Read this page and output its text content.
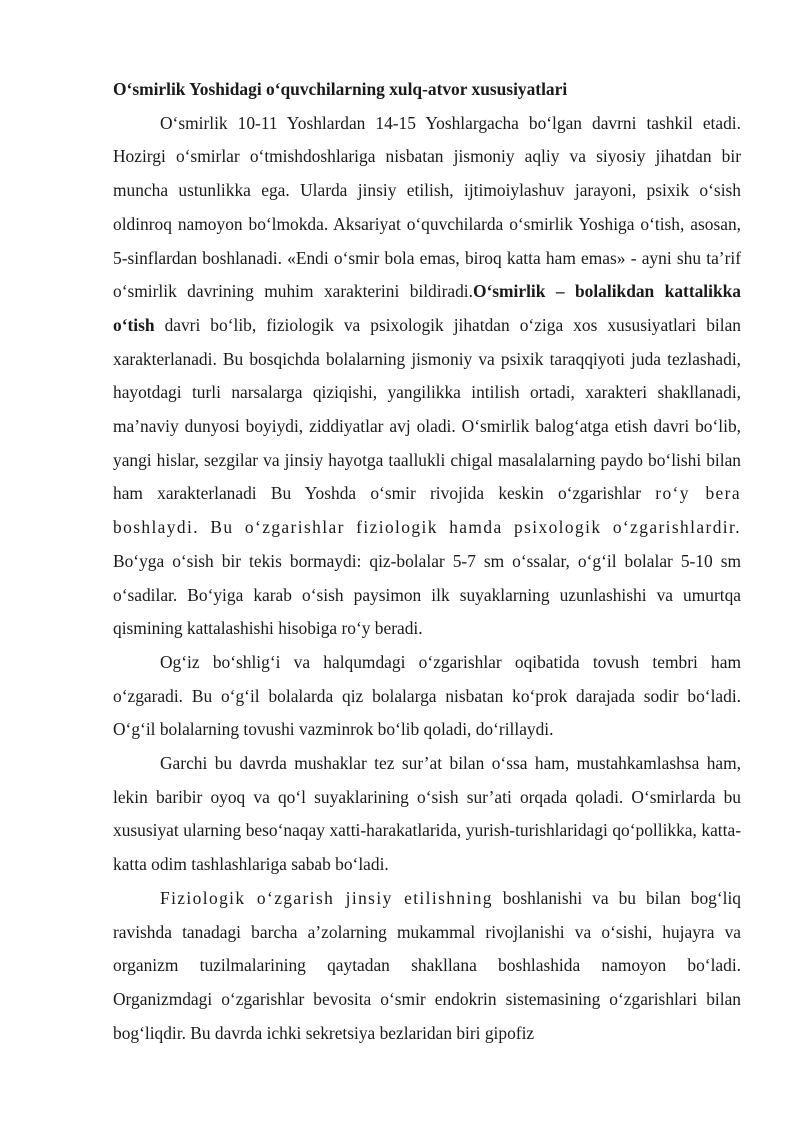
O‘smirlik Yoshidagi o‘quvchilarning xulq-atvor xususiyatlari

O‘smirlik 10-11 Yoshlardan 14-15 Yoshlargacha bo‘lgan davrni tashkil etadi. Hozirgi o‘smirlar o‘tmishdoshlariga nisbatan jismoniy aqliy va siyosiy jihatdan bir muncha ustunlikka ega. Ularda jinsiy etilish, ijtimoiylashuv jarayoni, psixik o‘sish oldinroq namoyon bo‘lmokda. Aksariyat o‘quvchilarda o‘smirlik Yoshiga o‘tish, asosan, 5-sinflardan boshlanadi. «Endi o‘smir bola emas, biroq katta ham emas» - ayni shu ta’rif o‘smirlik davrining muhim xarakterini bildiradi.O‘smirlik – bolalikdan kattalikka o‘tish davri bo‘lib, fiziologik va psixologik jihatdan o‘ziga xos xususiyatlari bilan xarakterlanadi. Bu bosqichda bolalarning jismoniy va psixik taraqqiyoti juda tezlashadi, hayotdagi turli narsalarga qiziqishi, yangilikka intilish ortadi, xarakteri shakllanadi, ma’naviy dunyosi boyiydi, ziddiyatlar avj oladi. O‘smirlik balog‘atga etish davri bo‘lib, yangi hislar, sezgilar va jinsiy hayotga taallukli chigal masalalarning paydo bo‘lishi bilan ham xarakterlanadi Bu Yoshda o‘smir rivojida keskin o‘zgarishlar ro‘y bera boshlaydi. Bu o‘zgarishlar fiziologik hamda psixologik o‘zgarishlardir. Bo‘yga o‘sish bir tekis bormaydi: qiz-bolalar 5-7 sm o‘ssalar, o‘g‘il bolalar 5-10 sm o‘sadilar. Bo‘yiga karab o‘sish paysimon ilk suyaklarning uzunlashishi va umurtqa qismining kattalashishi hisobiga ro‘y beradi.

Og‘iz bo‘shlig‘i va halqumdagi o‘zgarishlar oqibatida tovush tembri ham o‘zgaradi. Bu o‘g‘il bolalarda qiz bolalarga nisbatan ko‘prok darajada sodir bo‘ladi. O‘g‘il bolalarning tovushi vazminrok bo‘lib qoladi, do‘rillaydi.

Garchi bu davrda mushaklar tez sur’at bilan o‘ssa ham, mustahkamlashsa ham, lekin baribir oyoq va qo‘l suyaklarining o‘sish sur’ati orqada qoladi. O‘smirlarda bu xususiyat ularning beso‘naqay xatti-harakatlarida, yurish-turishlaridagi qo‘pollikka, katta-katta odim tashlashlariga sabab bo‘ladi.

Fiziologik o‘zgarish jinsiy etilishning boshlanishi va bu bilan bog‘liq ravishda tanadagi barcha a’zolarning mukammal rivojlanishi va o‘sishi, hujayra va organizm tuzilmalarining qaytadan shakllana boshlashida namoyon bo‘ladi. Organizmdagi o‘zgarishlar bevosita o‘smir endokrin sistemasining o‘zgarishlari bilan bog‘liqdir. Bu davrda ichki sekretsiya bezlaridan biri gipofiz
